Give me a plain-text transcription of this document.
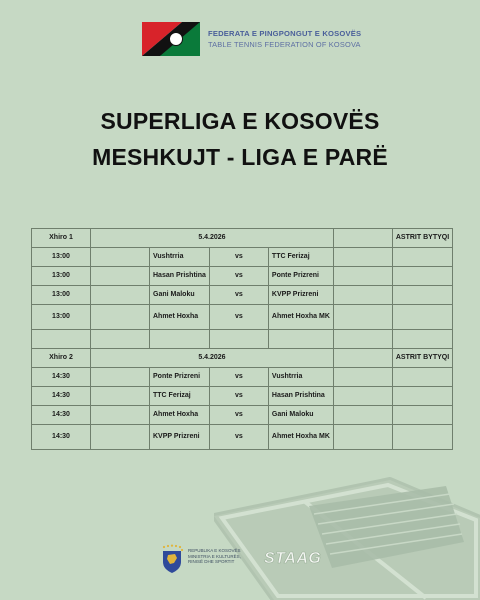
FEDERATA E PINGPONGUT E KOSOVËS
TABLE TENNIS FEDERATION OF KOSOVA
SUPERLIGA E KOSOVËS
MESHKUJT - LIGA E PARË
Xhiro 1	5.4.2026					ASTRIT BYTYQI
13:00		Vushtrria	vs	TTC Ferizaj		
13:00		Hasan Prishtina	vs	Ponte Prizreni		
13:00		Gani Maloku	vs	KVPP Prizreni		
13:00		Ahmet Hoxha	vs	Ahmet Hoxha MK		

Xhiro 2	5.4.2026					ASTRIT BYTYQI
14:30		Ponte Prizreni	vs	Vushtrria		
14:30		TTC Ferizaj	vs	Hasan Prishtina		
14:30		Ahmet Hoxha	vs	Gani Maloku		
14:30		KVPP Prizreni	vs	Ahmet Hoxha MK		
REPUBLIKA E KOSOVËS
MINISTRIA E KULTURËS,
RINISË DHE SPORTIT	STAAG
